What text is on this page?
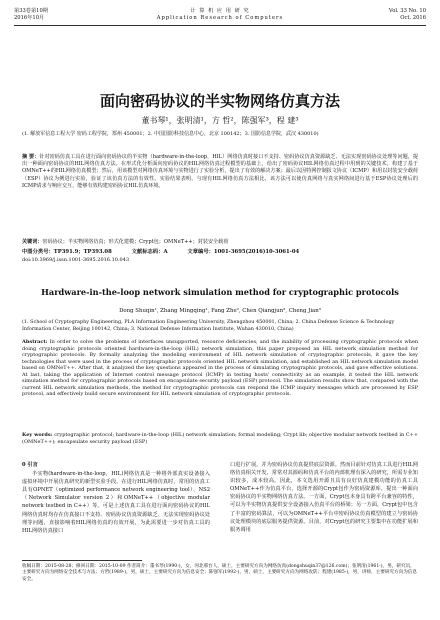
第33卷第10期
2016年10月
计 算 机 应 用 研 究
Application Research of Computers
Vol. 33 No. 10
Oct. 2016
面向密码协议的半实物网络仿真方法
董书琴¹，张明清¹，方 哲²，陈强军³，程 建³
(1. 解放军信息工程大学 密码工程学院，郑州 450001；2. 中国国防科技信息中心，北京 100142；3. 国防信息学院，武汉 430010)
摘 要：针对密码仿真工具在进行面向密码协议的半实物（hardware-in-the-loop，HIL）网络仿真时接口不支持、密码协议仿真资源缺乏、无法实现密码协议处理等问题，提出一种面向密码协议的HIL网络仿真方法。在形式化分析面向密码协议的HIL网络仿真过程模型的基础上，给出了密码协议HIL网络仿真过程中用到的关键技术，构建了基于OMNeT++的HIL网络仿真模型；然后，用该模型对网络仿真环境与实物进行了实验分析，提出了有效的解决方案；最后以因特网控制报文协议（ICMP）和用以封装安全载荷（ESP）协议为例进行实验，验证了该仿真方法的有效性。实验结果表明，与现有HIL网络仿真方法相比，该方法可以使仿真网络与真实网络间进行基于ESP协议处理后的ICMP请求与响应交互，能够有效构建密码协议HIL仿真环境。
关键词：密码协议；半实物网络仿真；形式化建模；Crypt包；OMNeT++；封装安全载荷
中图分类号：TP391.9；TP393.08	文献标志码：A	文章编号：1001-3695(2016)10-3061-04
doi:10.3969/j.issn.1001-3695.2016.10.043
Hardware-in-the-loop network simulation method for cryptographic protocols
Dong Shuqin¹, Zhang Mingqing¹, Fang Zhe², Chen Qiangjun³, Cheng Jian³
(1. School of Cryptography Engineering, PLA Information Engineering University, Zhengzhou 450001, China; 2. China Defense Science & Technology Information Center, Beijing 100142, China; 3. National Defense Information Institute, Wuhan 430010, China)
Abstract: In order to solve the problems of interfaces unsupported, resource deficiencies, and the inability of processing cryptographic protocols when doing cryptographic protocols oriented hardware-in-the-loop (HIL) network simulation, this paper proposed an HIL network simulation method for cryptographic protocols. By formally analyzing the modeling environment of HIL network simulation of cryptographic protocols, it gave the key technologies that were used in the process of cryptographic protocols oriented HIL network simulation, and established an HIL network simulation model based on OMNeT++. After that, it analyzed the key questions appeared in the process of simulating cryptographic protocols, and gave effective solutions. At last, taking the application of Internet control message protocol (ICMP) in testing hosts' connectivity as an example, it tested the HIL network simulation method for cryptographic protocols based on encapsulate security payload (ESP) protocol. The simulation results show that, compared with the current HIL network simulation methods, the method for cryptographic protocols can respond the ICMP inquiry messages which are processed by ESP protocol, and effectively build secure environment for HIL network simulation of cryptographic protocols.
Key words: cryptographic protocol; hardware-in-the-loop (HIL) network simulation; formal modeling; Crypt lib; objective modular network testbed in C++ (OMNeT++); encapsulate security payload (ESP)
0 引言

半实物(hardware-in-the-loop，HIL)网络仿真是一种将外部真实设备接入虚拟环境中开展仿真研究的新型实验手段。在进行HIL网络仿真时，常用的仿真工具有OPNET（optimized performance network engineering tool）、NS2（Network Simulator version 2）和OMNeT++（objective modular network testbed in C++）等。可是上述仿真工具在进行面向密码协议的HIL网络仿真时均存在仿真接口不支持、密码协议仿真资源缺乏、无法实现密码协议处理等问题，直接影响着HIL网络仿真的有效开展，为此需要进一步对仿真工具的HIL网络仿真接口

口进行扩展，并为密码协议仿真提供底层资源。然而目前针对仿真工具进行HIL网络仿真相关开发，常常对其源码和仿真平台的内部机理有深入的研究，所需专业知识较多，成本较高。因此，本文选用开源且具有良好仿真建模功能的仿真工具OMNeT++作为仿真平台，选择开源的Crypt包作为密码资源库，提出一种面向密码协议的半实物网络仿真方法。一方面，Crypt包本身具有跨平台兼容的特性，可以为半实物仿真提供安全设备接入仿真平台的桥梁；另一方面，Crypt包中包含了丰富的密码算法，可以为OMNeT++平台中密码协议仿真模型的建立与密码协议处理模块的底层服务提供资源。目前，对Crypt包的研究主要集中在功能扩展和服务调用

收稿日期：2015-08-28；修回日期：2015-10-09 作者简介：董书琴(1990-)，女，河北邢台人，硕士，主要研究方向为网络仿真(dongshuqin37@126.com)；张明清(1961-)，男，研究员，主要研究方向为网络安全技术与方法；方哲(1989-)，男，硕士，主要研究方向为信息安全；陈强军(1992-)，男，硕士，主要研究方向为网络攻防；程建(1985-)，男，讲师，主要研究方向为信息安全。
